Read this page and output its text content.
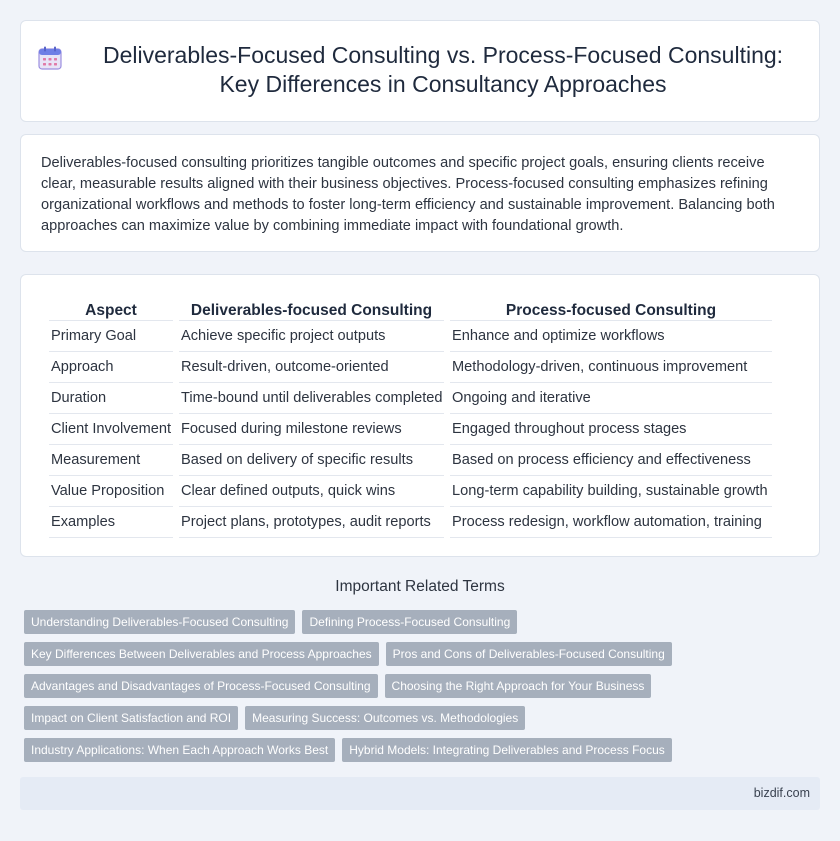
Deliverables-Focused Consulting vs. Process-Focused Consulting: Key Differences in Consultancy Approaches

Deliverables-focused consulting prioritizes tangible outcomes and specific project goals, ensuring clients receive clear, measurable results aligned with their business objectives. Process-focused consulting emphasizes refining organizational workflows and methods to foster long-term efficiency and sustainable improvement. Balancing both approaches can maximize value by combining immediate impact with foundational growth.

Aspect	Deliverables-focused Consulting	Process-focused Consulting
Primary Goal	Achieve specific project outputs	Enhance and optimize workflows
Approach	Result-driven, outcome-oriented	Methodology-driven, continuous improvement
Duration	Time-bound until deliverables completed	Ongoing and iterative
Client Involvement	Focused during milestone reviews	Engaged throughout process stages
Measurement	Based on delivery of specific results	Based on process efficiency and effectiveness
Value Proposition	Clear defined outputs, quick wins	Long-term capability building, sustainable growth
Examples	Project plans, prototypes, audit reports	Process redesign, workflow automation, training
Important Related Terms
Understanding Deliverables-Focused Consulting	Defining Process-Focused Consulting
Key Differences Between Deliverables and Process Approaches	Pros and Cons of Deliverables-Focused Consulting
Advantages and Disadvantages of Process-Focused Consulting	Choosing the Right Approach for Your Business
Impact on Client Satisfaction and ROI	Measuring Success: Outcomes vs. Methodologies
Industry Applications: When Each Approach Works Best	Hybrid Models: Integrating Deliverables and Process Focus
bizdif.com
